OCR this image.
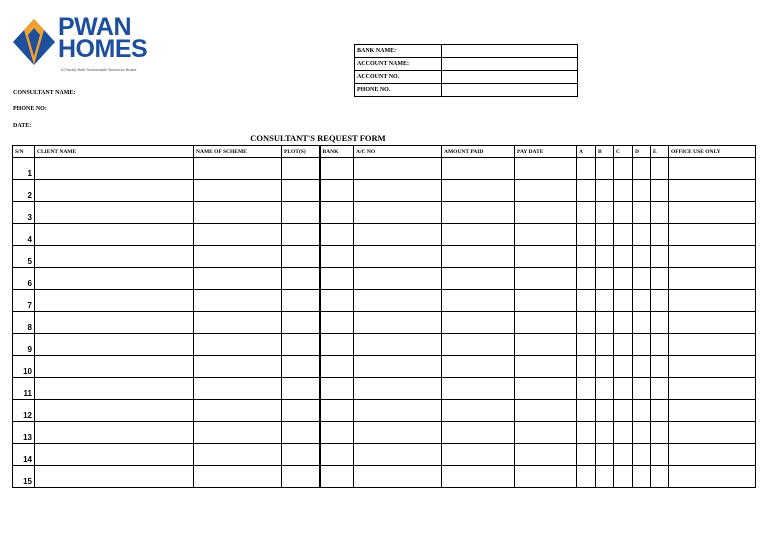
PWAN
HOMES
A Family Built Sustainable Business Brand
BANK NAME:	
ACCOUNT NAME:	
ACCOUNT NO.	
PHONE NO.	
CONSULTANT NAME:
PHONE NO:
DATE:
CONSULTANT'S REQUEST FORM
S/N	CLIENT NAME	NAME OF SCHEME	PLOT(S)	BANK	A/C NO	AMOUNT PAID	PAY DATE	A	B	C	D	E	OFFICE USE ONLY
1													
2													
3													
4													
5													
6													
7													
8													
9													
10													
11													
12													
13													
14													
15													
